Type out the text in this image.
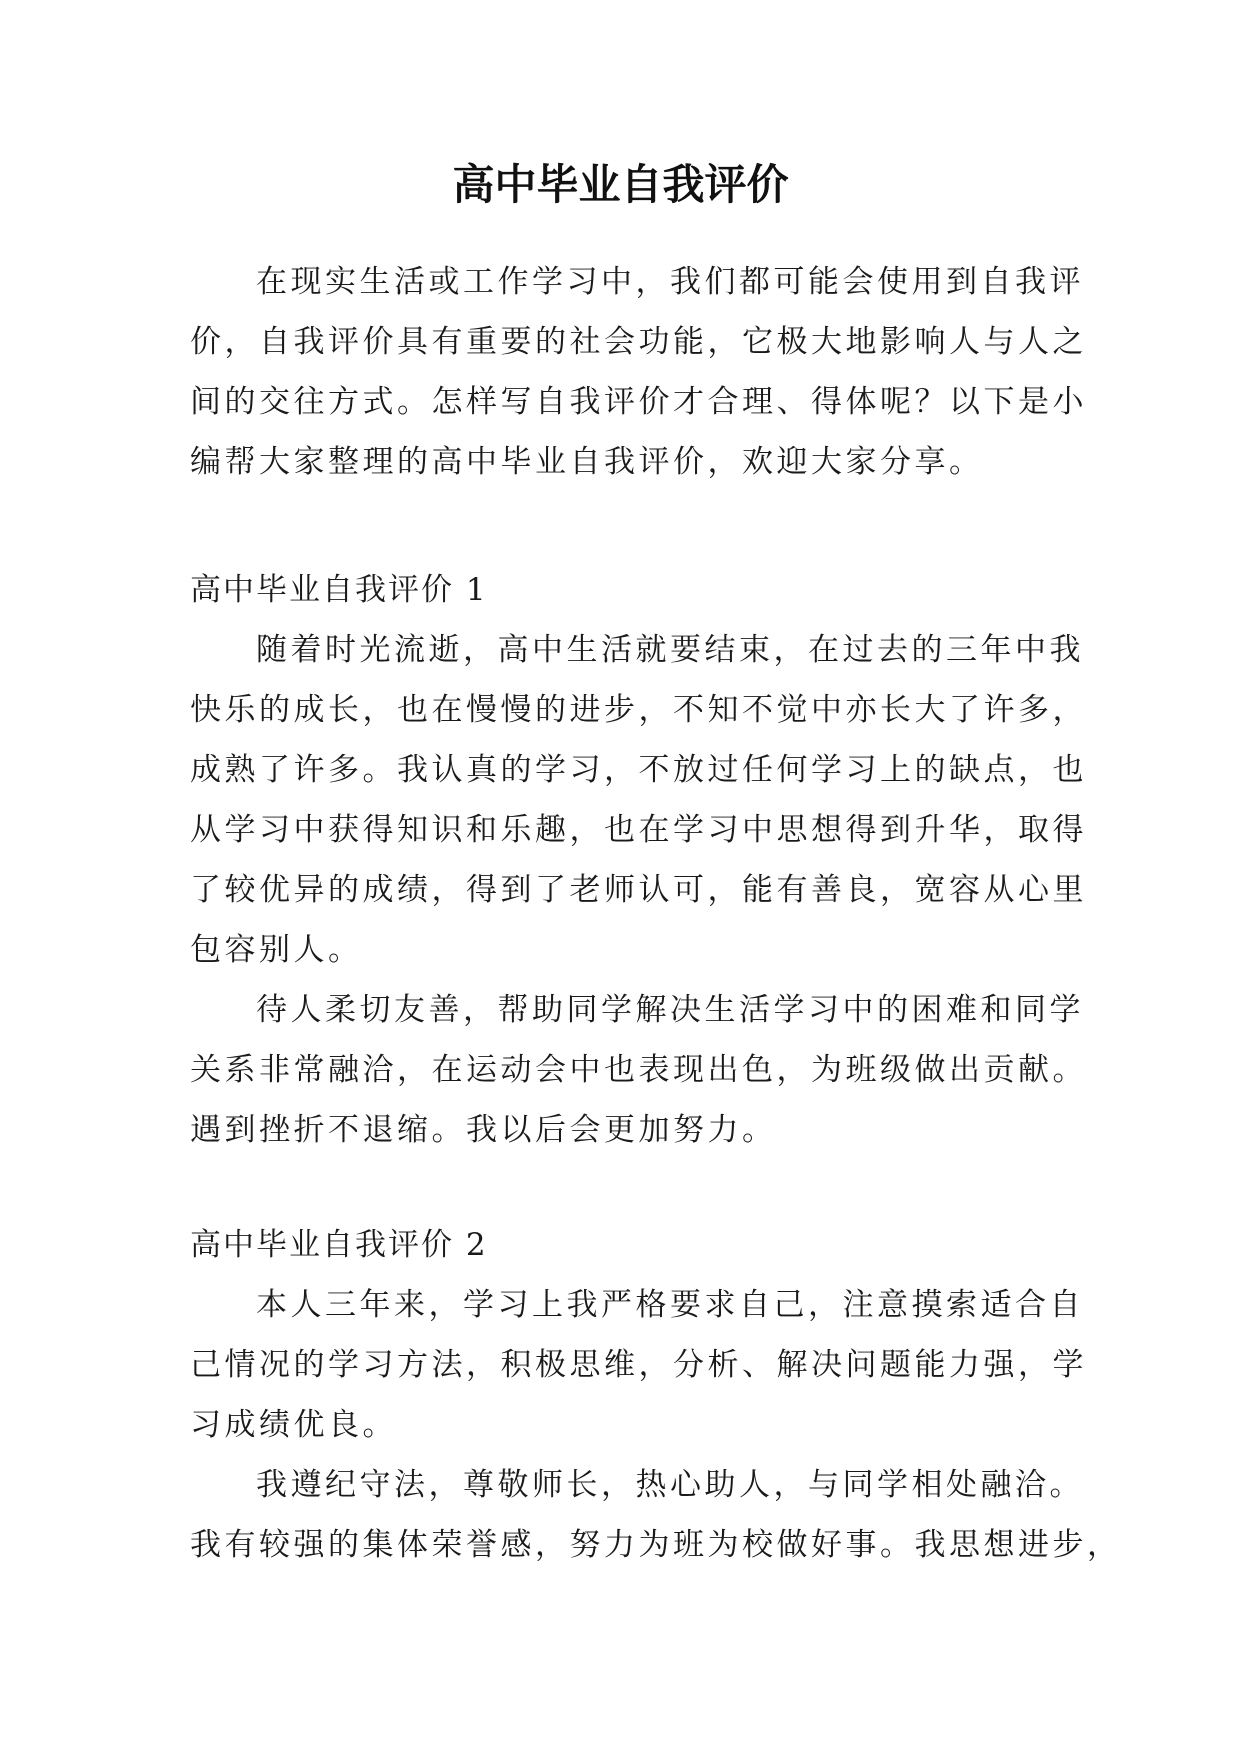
高中毕业自我评价

在现实生活或工作学习中，我们都可能会使用到自我评

价，自我评价具有重要的社会功能，它极大地影响人与人之

间的交往方式。怎样写自我评价才合理、得体呢？以下是小

编帮大家整理的高中毕业自我评价，欢迎大家分享。

高中毕业自我评价 1

随着时光流逝，高中生活就要结束，在过去的三年中我

快乐的成长，也在慢慢的进步，不知不觉中亦长大了许多，

成熟了许多。我认真的学习，不放过任何学习上的缺点，也

从学习中获得知识和乐趣，也在学习中思想得到升华，取得

了较优异的成绩，得到了老师认可，能有善良，宽容从心里

包容别人。

待人柔切友善，帮助同学解决生活学习中的困难和同学

关系非常融洽，在运动会中也表现出色，为班级做出贡献。

遇到挫折不退缩。我以后会更加努力。

高中毕业自我评价 2

本人三年来，学习上我严格要求自己，注意摸索适合自

己情况的学习方法，积极思维，分析、解决问题能力强，学

习成绩优良。

我遵纪守法，尊敬师长，热心助人，与同学相处融洽。

我有较强的集体荣誉感，努力为班为校做好事。我思想进步，
